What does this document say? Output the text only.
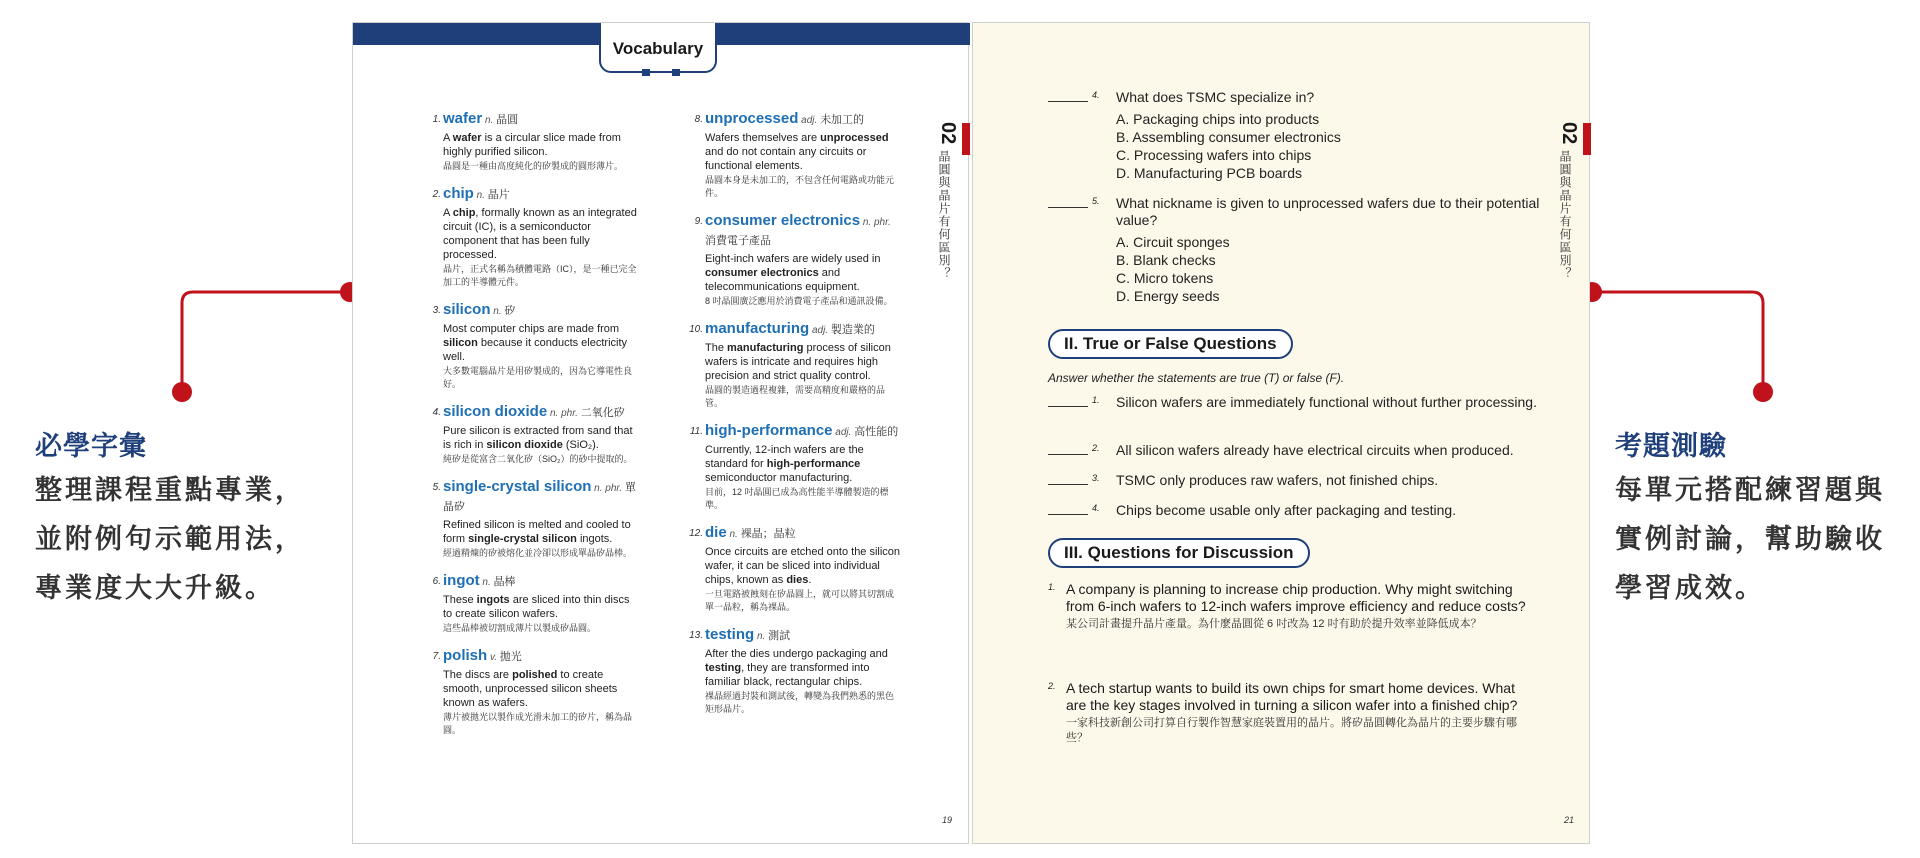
必學字彙
整理課程重點專業，
並附例句示範用法，
專業度大大升級。
考題測驗
每單元搭配練習題與
實例討論，幫助驗收
學習成效。
Vocabulary
02
晶圓與晶片有何區別？
1. wafer n. 晶圓
A wafer is a circular slice made from highly purified silicon.
晶圓是一種由高度純化的矽製成的圓形薄片。
2. chip n. 晶片
A chip, formally known as an integrated circuit (IC), is a semiconductor component that has been fully processed.
晶片，正式名稱為積體電路（IC），是一種已完全加工的半導體元件。
3. silicon n. 矽
Most computer chips are made from silicon because it conducts electricity well.
大多數電腦晶片是用矽製成的，因為它導電性良好。
4. silicon dioxide n. phr. 二氧化矽
Pure silicon is extracted from sand that is rich in silicon dioxide (SiO₂).
純矽是從富含二氧化矽（SiO₂）的砂中提取的。
5. single-crystal silicon n. phr. 單晶矽
Refined silicon is melted and cooled to form single-crystal silicon ingots.
經過精煉的矽被熔化並冷卻以形成單晶矽晶棒。
6. ingot n. 晶棒
These ingots are sliced into thin discs to create silicon wafers.
這些晶棒被切割成薄片以製成矽晶圓。
7. polish v. 拋光
The discs are polished to create smooth, unprocessed silicon sheets known as wafers.
薄片被拋光以製作成光滑未加工的矽片，稱為晶圓。
8. unprocessed adj. 未加工的
Wafers themselves are unprocessed and do not contain any circuits or functional elements.
晶圓本身是未加工的，不包含任何電路或功能元件。
9. consumer electronics n. phr. 消費電子產品
Eight-inch wafers are widely used in consumer electronics and telecommunications equipment.
8 吋晶圓廣泛應用於消費電子產品和通訊設備。
10. manufacturing adj. 製造業的
The manufacturing process of silicon wafers is intricate and requires high precision and strict quality control.
晶圓的製造過程複雜，需要高精度和嚴格的品管。
11. high-performance adj. 高性能的
Currently, 12-inch wafers are the standard for high-performance semiconductor manufacturing.
目前，12 吋晶圓已成為高性能半導體製造的標準。
12. die n. 裸晶；晶粒
Once circuits are etched onto the silicon wafer, it can be sliced into individual chips, known as dies.
一旦電路被蝕刻在矽晶圓上，就可以將其切割成單一晶粒，稱為裸晶。
13. testing n. 測試
After the dies undergo packaging and testing, they are transformed into familiar black, rectangular chips.
裸晶經過封裝和測試後，轉變為我們熟悉的黑色矩形晶片。
19
02
晶圓與晶片有何區別？
4. What does TSMC specialize in?
A. Packaging chips into products
B. Assembling consumer electronics
C. Processing wafers into chips
D. Manufacturing PCB boards
5. What nickname is given to unprocessed wafers due to their potential value?
A. Circuit sponges
B. Blank checks
C. Micro tokens
D. Energy seeds
II. True or False Questions
Answer whether the statements are true (T) or false (F).
1. Silicon wafers are immediately functional without further processing.
2. All silicon wafers already have electrical circuits when produced.
3. TSMC only produces raw wafers, not finished chips.
4. Chips become usable only after packaging and testing.
III. Questions for Discussion
1. A company is planning to increase chip production. Why might switching from 6-inch wafers to 12-inch wafers improve efficiency and reduce costs?
某公司計畫提升晶片產量。為什麼晶圓從 6 吋改為 12 吋有助於提升效率並降低成本？
2. A tech startup wants to build its own chips for smart home devices. What are the key stages involved in turning a silicon wafer into a finished chip?
一家科技新創公司打算自行製作智慧家庭裝置用的晶片。將矽晶圓轉化為晶片的主要步驟有哪些？
21
